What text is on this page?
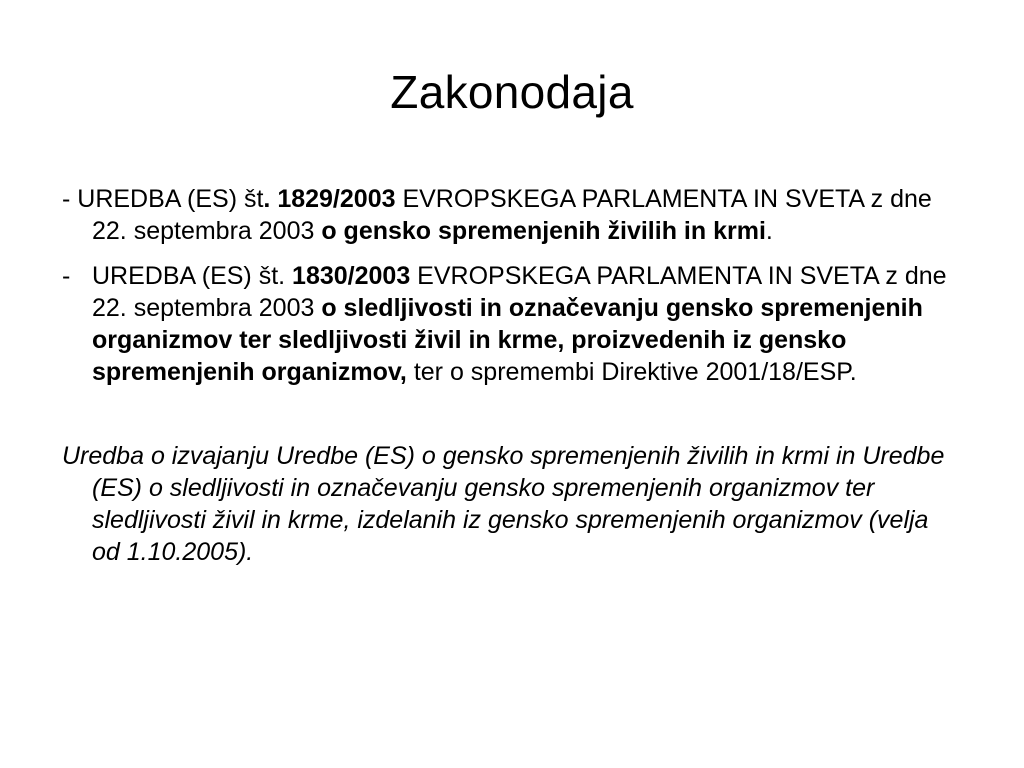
Zakonodaja

- UREDBA (ES) št. 1829/2003 EVROPSKEGA PARLAMENTA IN SVETA z dne 22. septembra 2003 o gensko spremenjenih živilih in krmi.

- UREDBA (ES) št. 1830/2003 EVROPSKEGA PARLAMENTA IN SVETA z dne 22. septembra 2003 o sledljivosti in označevanju gensko spremenjenih organizmov ter sledljivosti živil in krme, proizvedenih iz gensko spremenjenih organizmov, ter o spremembi Direktive 2001/18/ESP.

Uredba o izvajanju Uredbe (ES) o gensko spremenjenih živilih in krmi in Uredbe (ES) o sledljivosti in označevanju gensko spremenjenih organizmov ter sledljivosti živil in krme, izdelanih iz gensko spremenjenih organizmov (velja od 1.10.2005).
